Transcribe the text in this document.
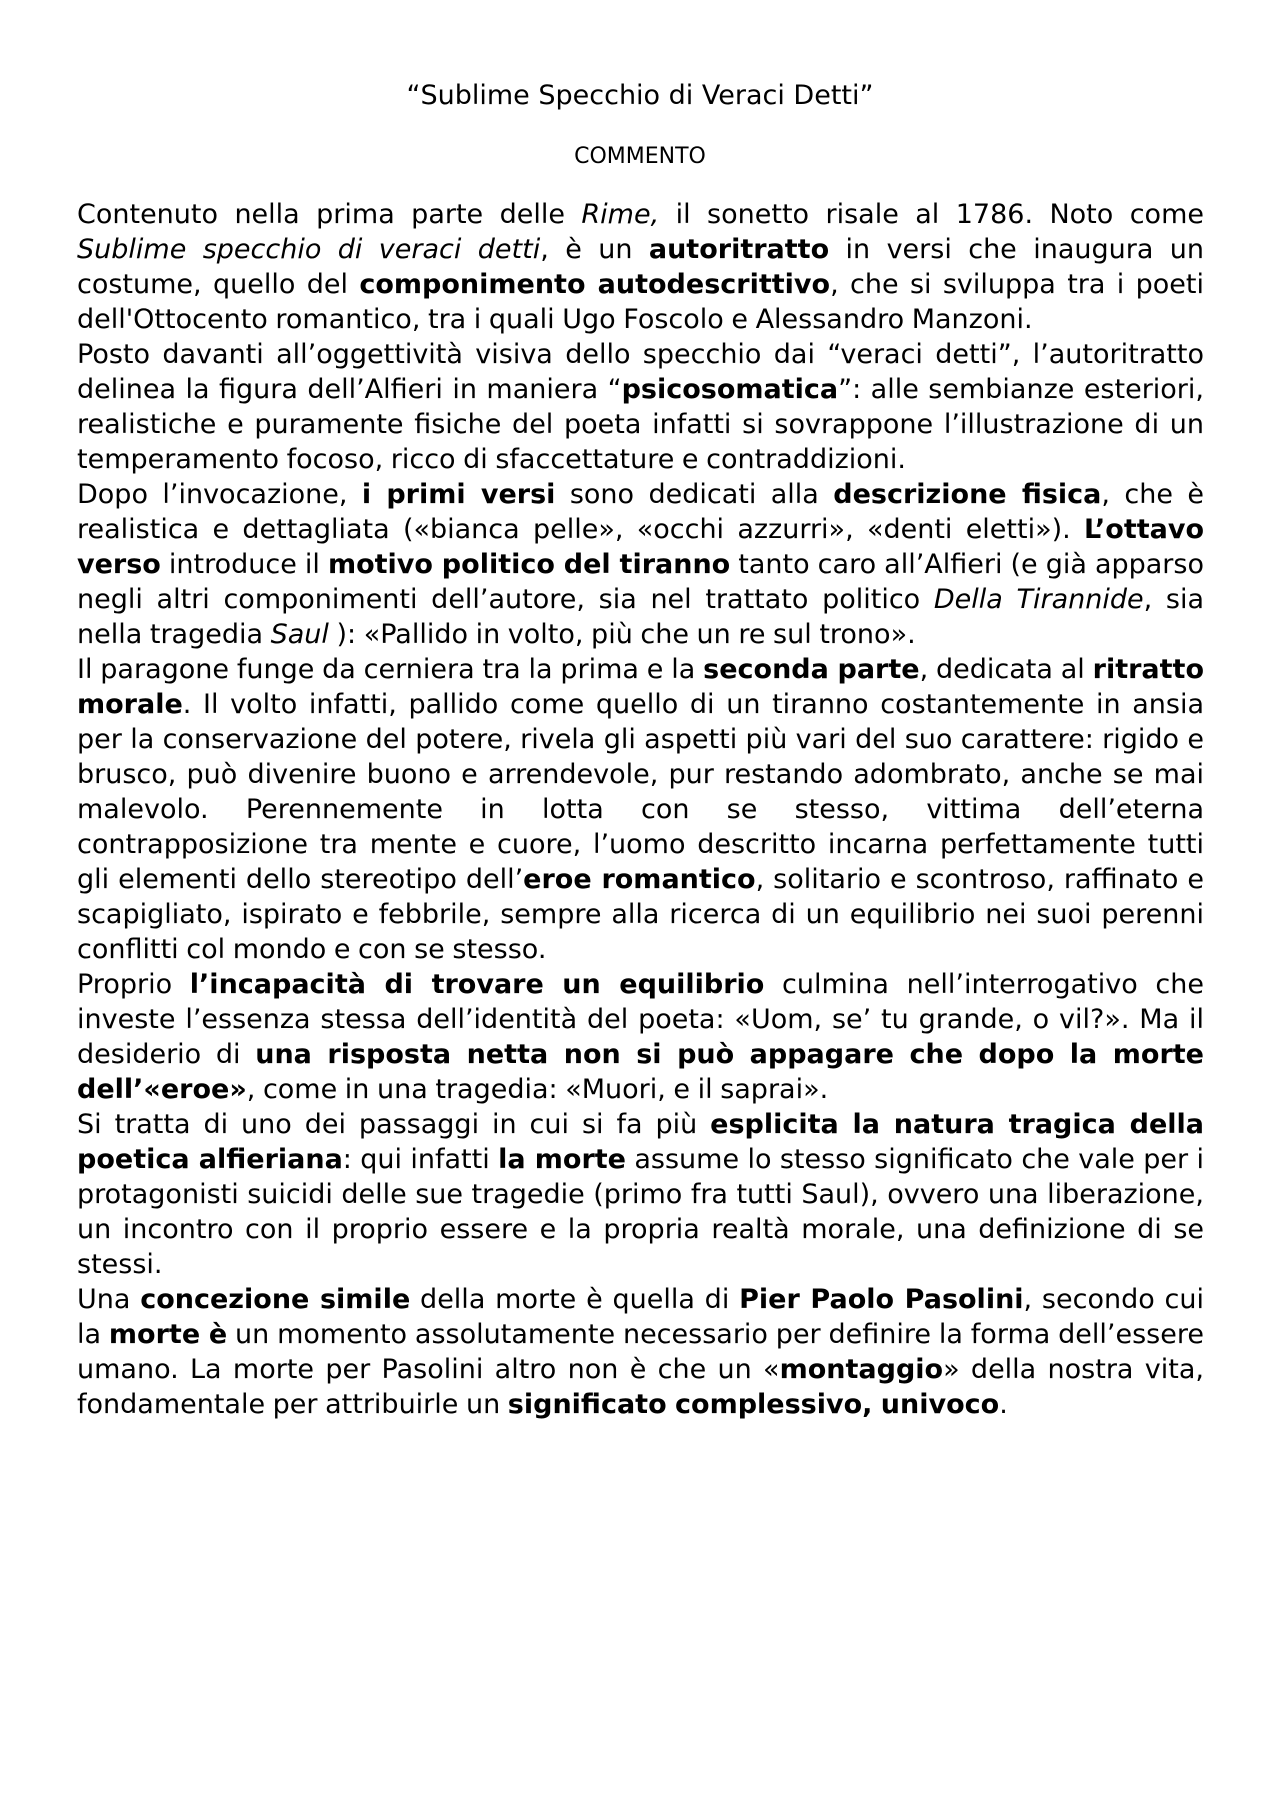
“Sublime Specchio di Veraci Detti”
COMMENTO

Contenuto nella prima parte delle Rime, il sonetto risale al 1786. Noto come Sublime specchio di veraci detti, è un autoritratto in versi che inaugura un costume, quello del componimento autodescrittivo, che si sviluppa tra i poeti dell'Ottocento romantico, tra i quali Ugo Foscolo e Alessandro Manzoni.

Posto davanti all’oggettività visiva dello specchio dai “veraci detti”, l’autoritratto delinea la figura dell’Alfieri in maniera “psicosomatica”: alle sembianze esteriori, realistiche e puramente fisiche del poeta infatti si sovrappone l’illustrazione di un temperamento focoso, ricco di sfaccettature e contraddizioni.

Dopo l’invocazione, i primi versi sono dedicati alla descrizione fisica, che è realistica e dettagliata («bianca pelle», «occhi azzurri», «denti eletti»). L’ottavo verso introduce il motivo politico del tiranno tanto caro all’Alfieri (e già apparso negli altri componimenti dell’autore, sia nel trattato politico Della Tirannide, sia nella tragedia Saul ): «Pallido in volto, più che un re sul trono».

Il paragone funge da cerniera tra la prima e la seconda parte, dedicata al ritratto morale. Il volto infatti, pallido come quello di un tiranno costantemente in ansia per la conservazione del potere, rivela gli aspetti più vari del suo carattere: rigido e brusco, può divenire buono e arrendevole, pur restando adombrato, anche se mai malevolo. Perennemente in lotta con se stesso, vittima dell’eterna contrapposizione tra mente e cuore, l’uomo descritto incarna perfettamente tutti gli elementi dello stereotipo dell’eroe romantico, solitario e scontroso, raffinato e scapigliato, ispirato e febbrile, sempre alla ricerca di un equilibrio nei suoi perenni conflitti col mondo e con se stesso.

Proprio l’incapacità di trovare un equilibrio culmina nell’interrogativo che investe l’essenza stessa dell’identità del poeta: «Uom, se’ tu grande, o vil?». Ma il desiderio di una risposta netta non si può appagare che dopo la morte dell’«eroe», come in una tragedia: «Muori, e il saprai».

Si tratta di uno dei passaggi in cui si fa più esplicita la natura tragica della poetica alfieriana: qui infatti la morte assume lo stesso significato che vale per i protagonisti suicidi delle sue tragedie (primo fra tutti Saul), ovvero una liberazione, un incontro con il proprio essere e la propria realtà morale, una definizione di se stessi.

Una concezione simile della morte è quella di Pier Paolo Pasolini, secondo cui la morte è un momento assolutamente necessario per definire la forma dell’essere umano. La morte per Pasolini altro non è che un «montaggio» della nostra vita, fondamentale per attribuirle un significato complessivo, univoco.
